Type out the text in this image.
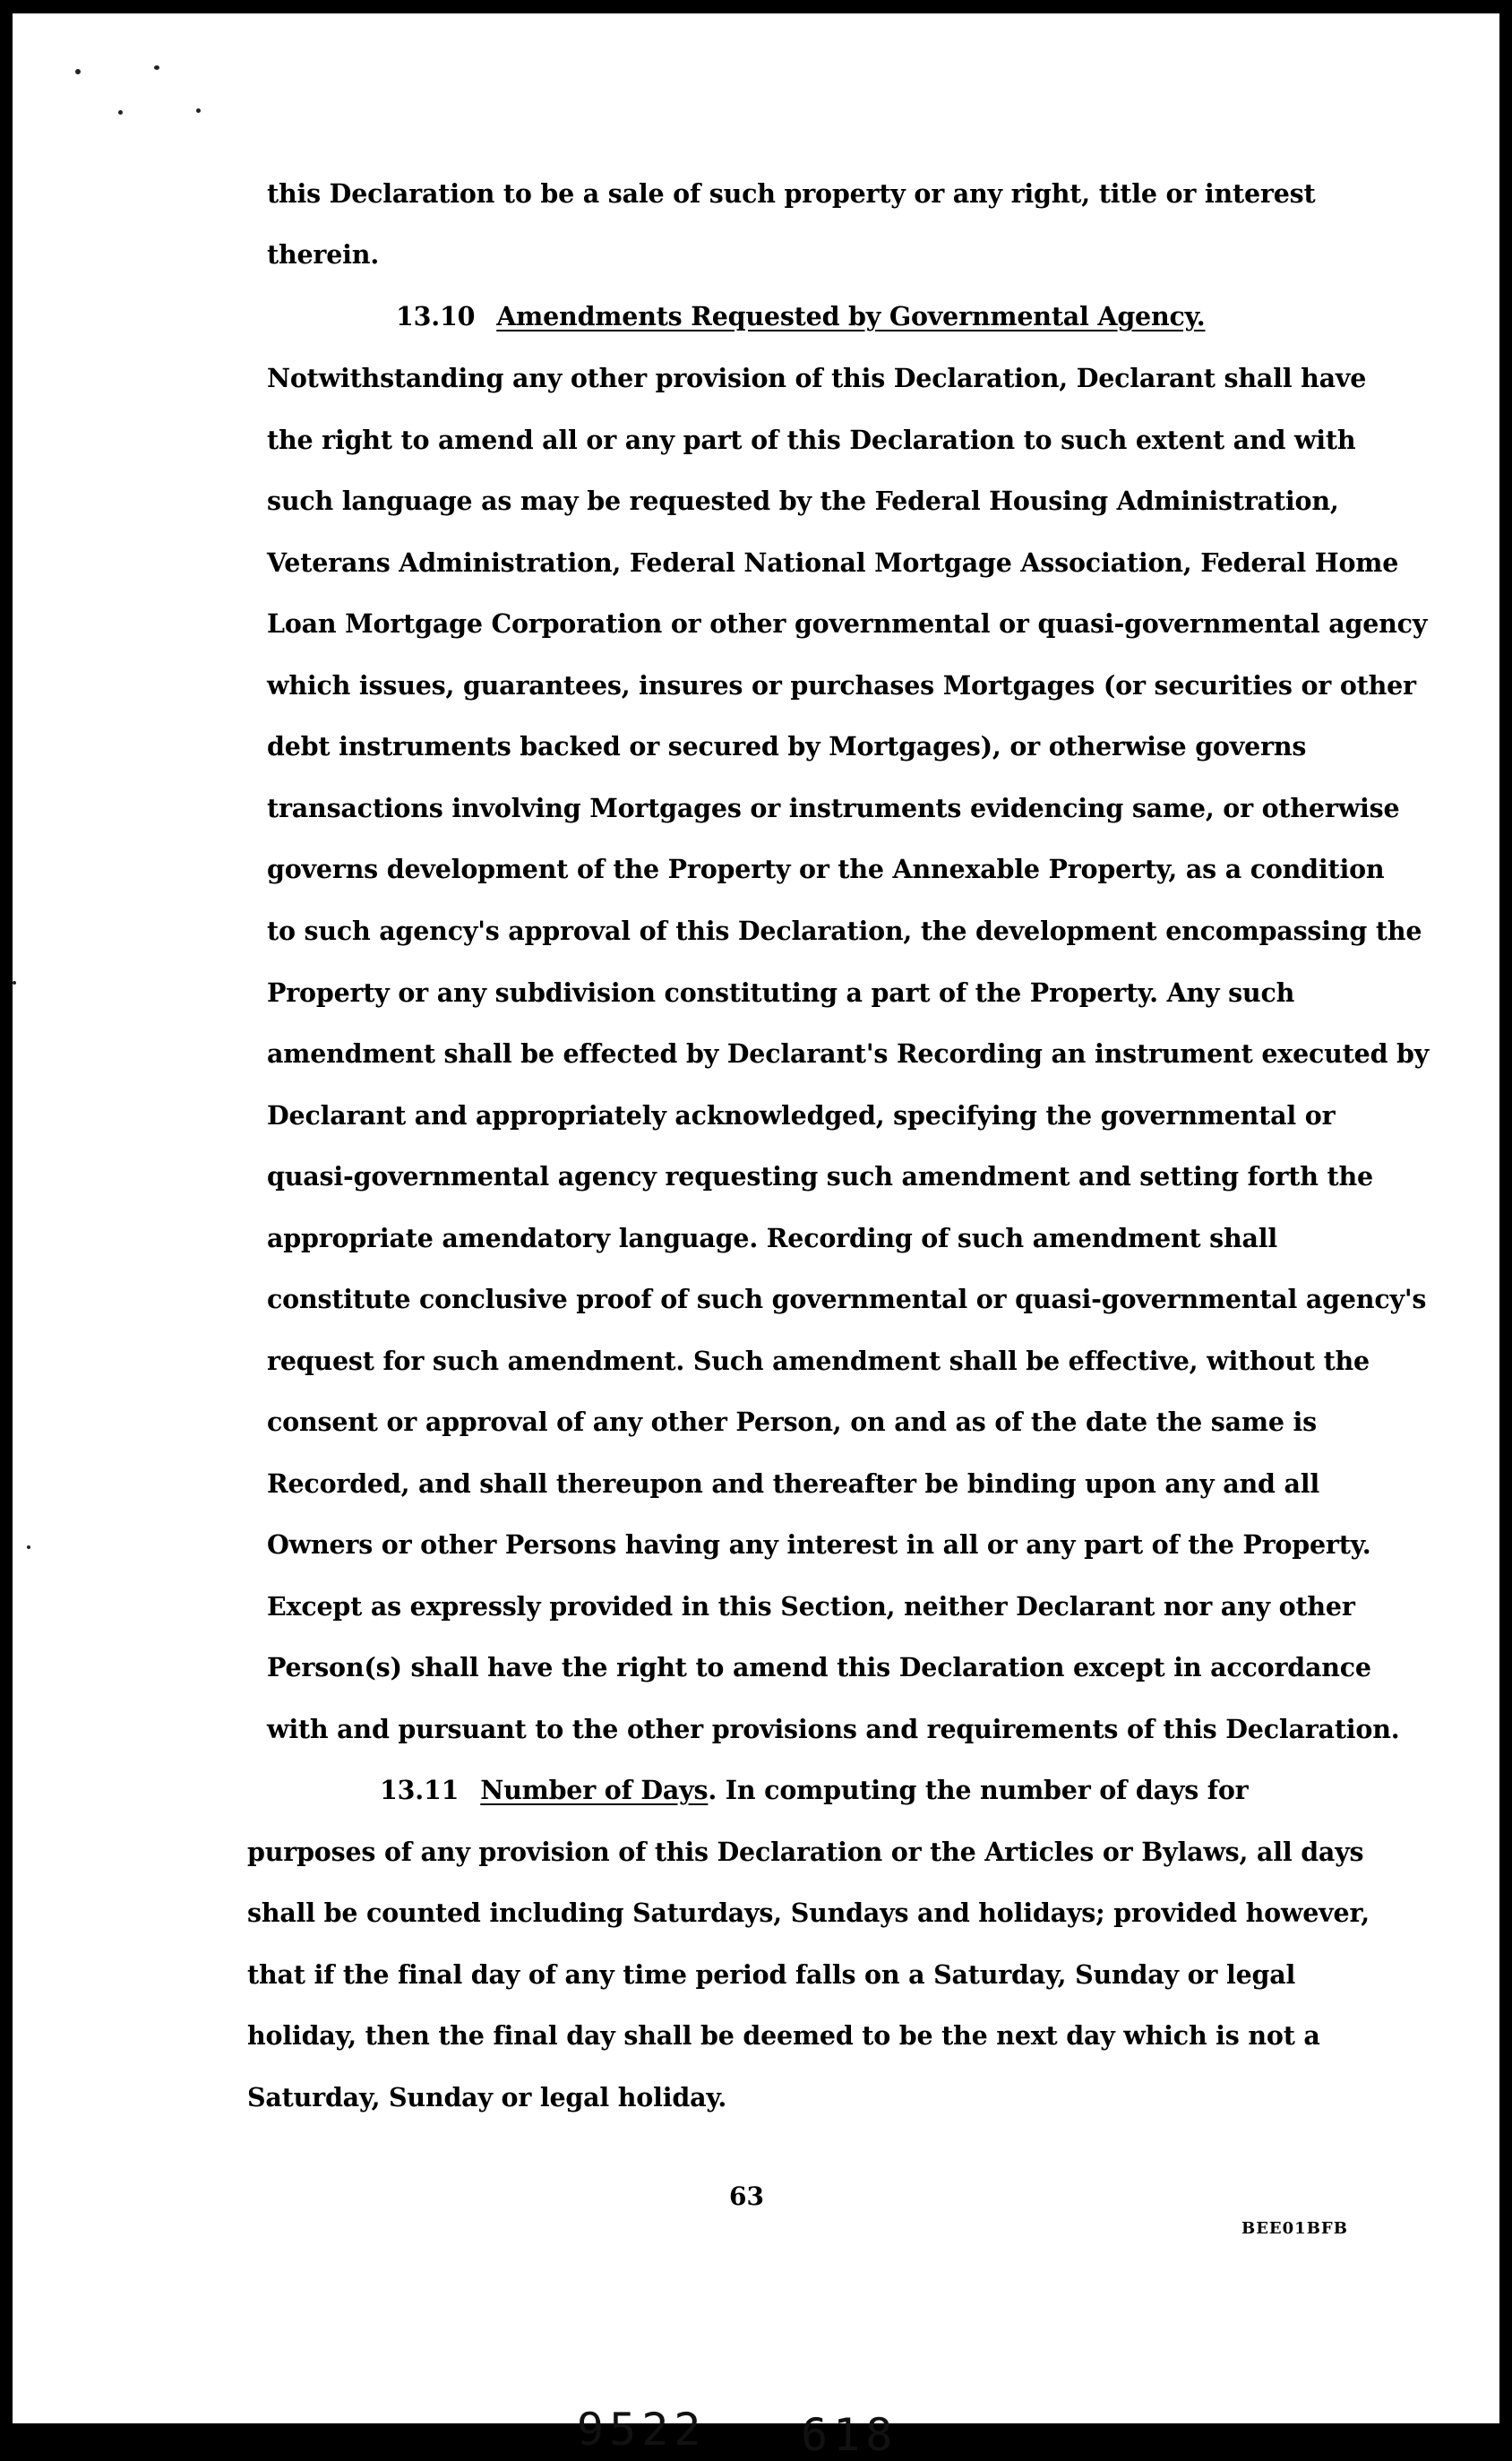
this Declaration to be a sale of such property or any right, title or interest
therein.
13.10 Amendments Requested by Governmental Agency.
Notwithstanding any other provision of this Declaration, Declarant shall have
the right to amend all or any part of this Declaration to such extent and with
such language as may be requested by the Federal Housing Administration,
Veterans Administration, Federal National Mortgage Association, Federal Home
Loan Mortgage Corporation or other governmental or quasi-governmental agency
which issues, guarantees, insures or purchases Mortgages (or securities or other
debt instruments backed or secured by Mortgages), or otherwise governs
transactions involving Mortgages or instruments evidencing same, or otherwise
governs development of the Property or the Annexable Property, as a condition
to such agency's approval of this Declaration, the development encompassing the
Property or any subdivision constituting a part of the Property. Any such
amendment shall be effected by Declarant's Recording an instrument executed by
Declarant and appropriately acknowledged, specifying the governmental or
quasi-governmental agency requesting such amendment and setting forth the
appropriate amendatory language. Recording of such amendment shall
constitute conclusive proof of such governmental or quasi-governmental agency's
request for such amendment. Such amendment shall be effective, without the
consent or approval of any other Person, on and as of the date the same is
Recorded, and shall thereupon and thereafter be binding upon any and all
Owners or other Persons having any interest in all or any part of the Property.
Except as expressly provided in this Section, neither Declarant nor any other
Person(s) shall have the right to amend this Declaration except in accordance
with and pursuant to the other provisions and requirements of this Declaration.
13.11 Number of Days. In computing the number of days for
purposes of any provision of this Declaration or the Articles or Bylaws, all days
shall be counted including Saturdays, Sundays and holidays; provided however,
that if the final day of any time period falls on a Saturday, Sunday or legal
holiday, then the final day shall be deemed to be the next day which is not a
Saturday, Sunday or legal holiday.
63
BEE01BFB
9522 618
